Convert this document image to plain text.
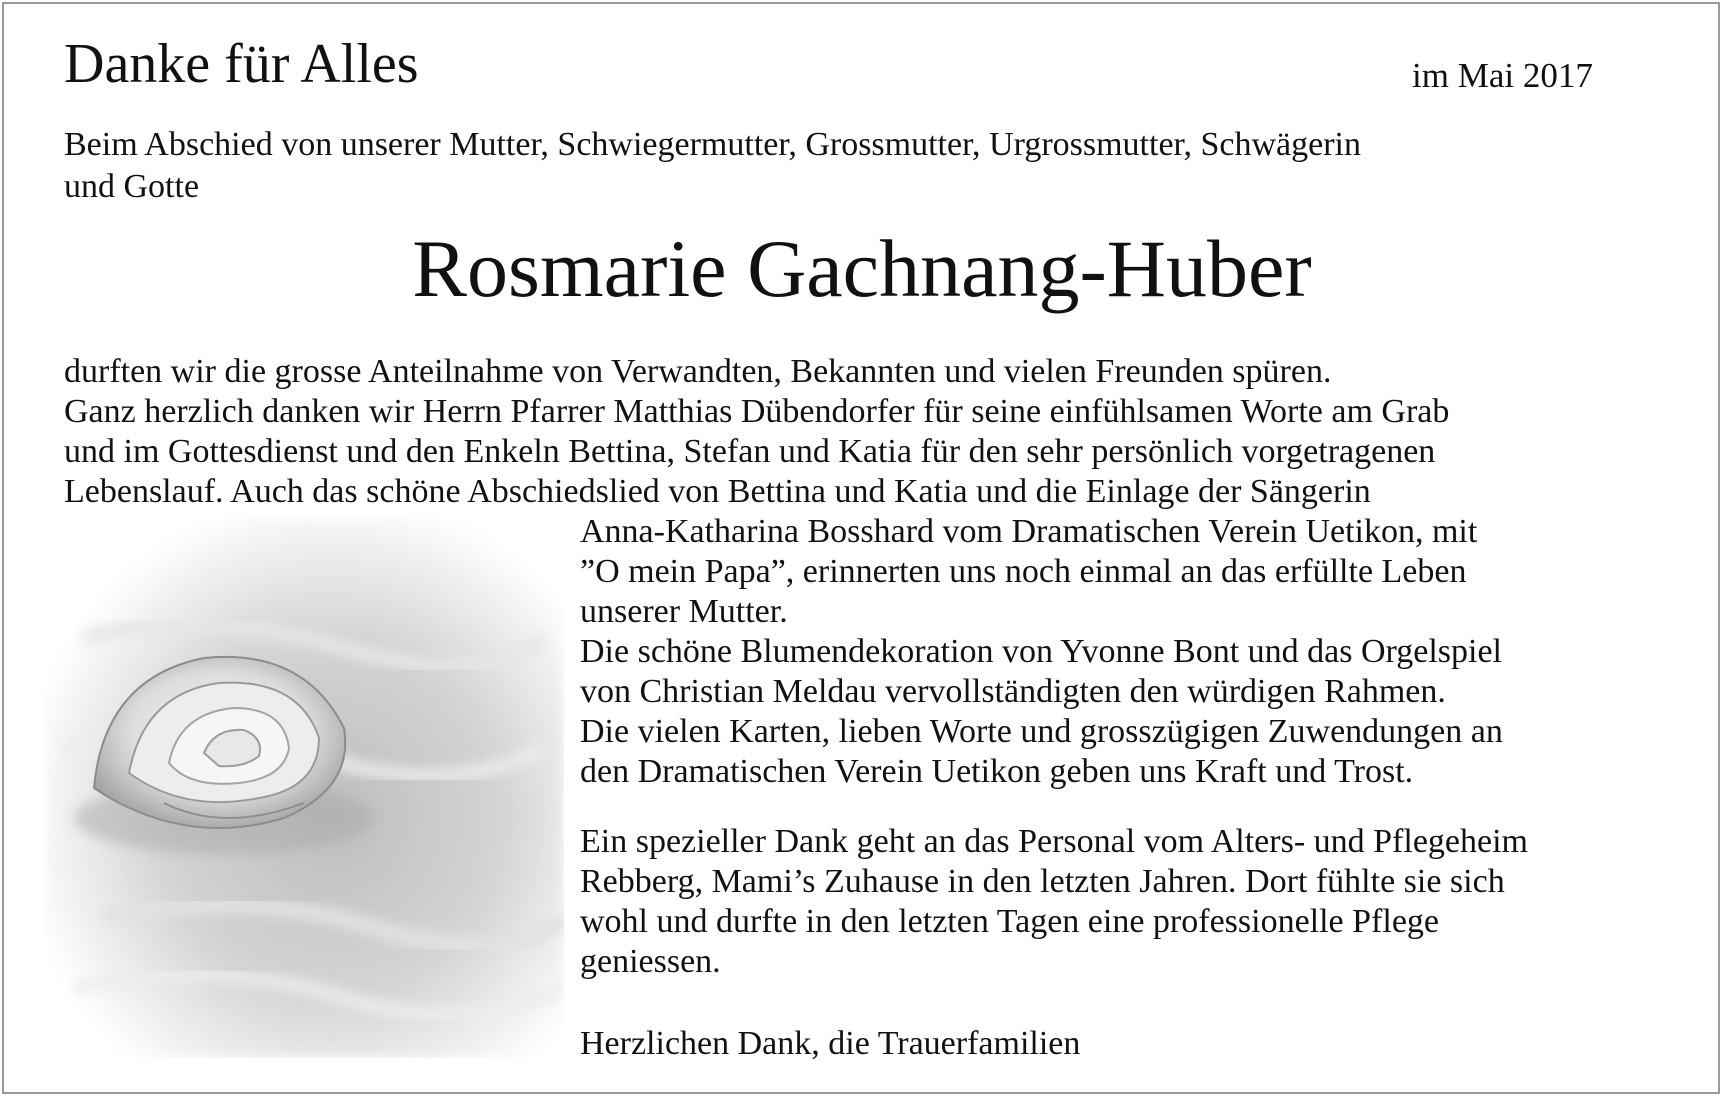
Danke für Alles	im Mai 2017
Beim Abschied von unserer Mutter, Schwiegermutter, Grossmutter, Urgrossmutter, Schwägerin
und Gotte
Rosmarie Gachnang-Huber
durften wir die grosse Anteilnahme von Verwandten, Bekannten und vielen Freunden spüren.
Ganz herzlich danken wir Herrn Pfarrer Matthias Dübendorfer für seine einfühlsamen Worte am Grab
und im Gottesdienst und den Enkeln Bettina, Stefan und Katia für den sehr persönlich vorgetragenen
Lebenslauf. Auch das schöne Abschiedslied von Bettina und Katia und die Einlage der Sängerin
Anna-Katharina Bosshard vom Dramatischen Verein Uetikon, mit
”O mein Papa”, erinnerten uns noch einmal an das erfüllte Leben
unserer Mutter.
Die schöne Blumendekoration von Yvonne Bont und das Orgelspiel
von Christian Meldau vervollständigten den würdigen Rahmen.
Die vielen Karten, lieben Worte und grosszügigen Zuwendungen an
den Dramatischen Verein Uetikon geben uns Kraft und Trost.
Ein spezieller Dank geht an das Personal vom Alters- und Pflegeheim
Rebberg, Mami’s Zuhause in den letzten Jahren. Dort fühlte sie sich
wohl und durfte in den letzten Tagen eine professionelle Pflege
geniessen.
Herzlichen Dank, die Trauerfamilien
